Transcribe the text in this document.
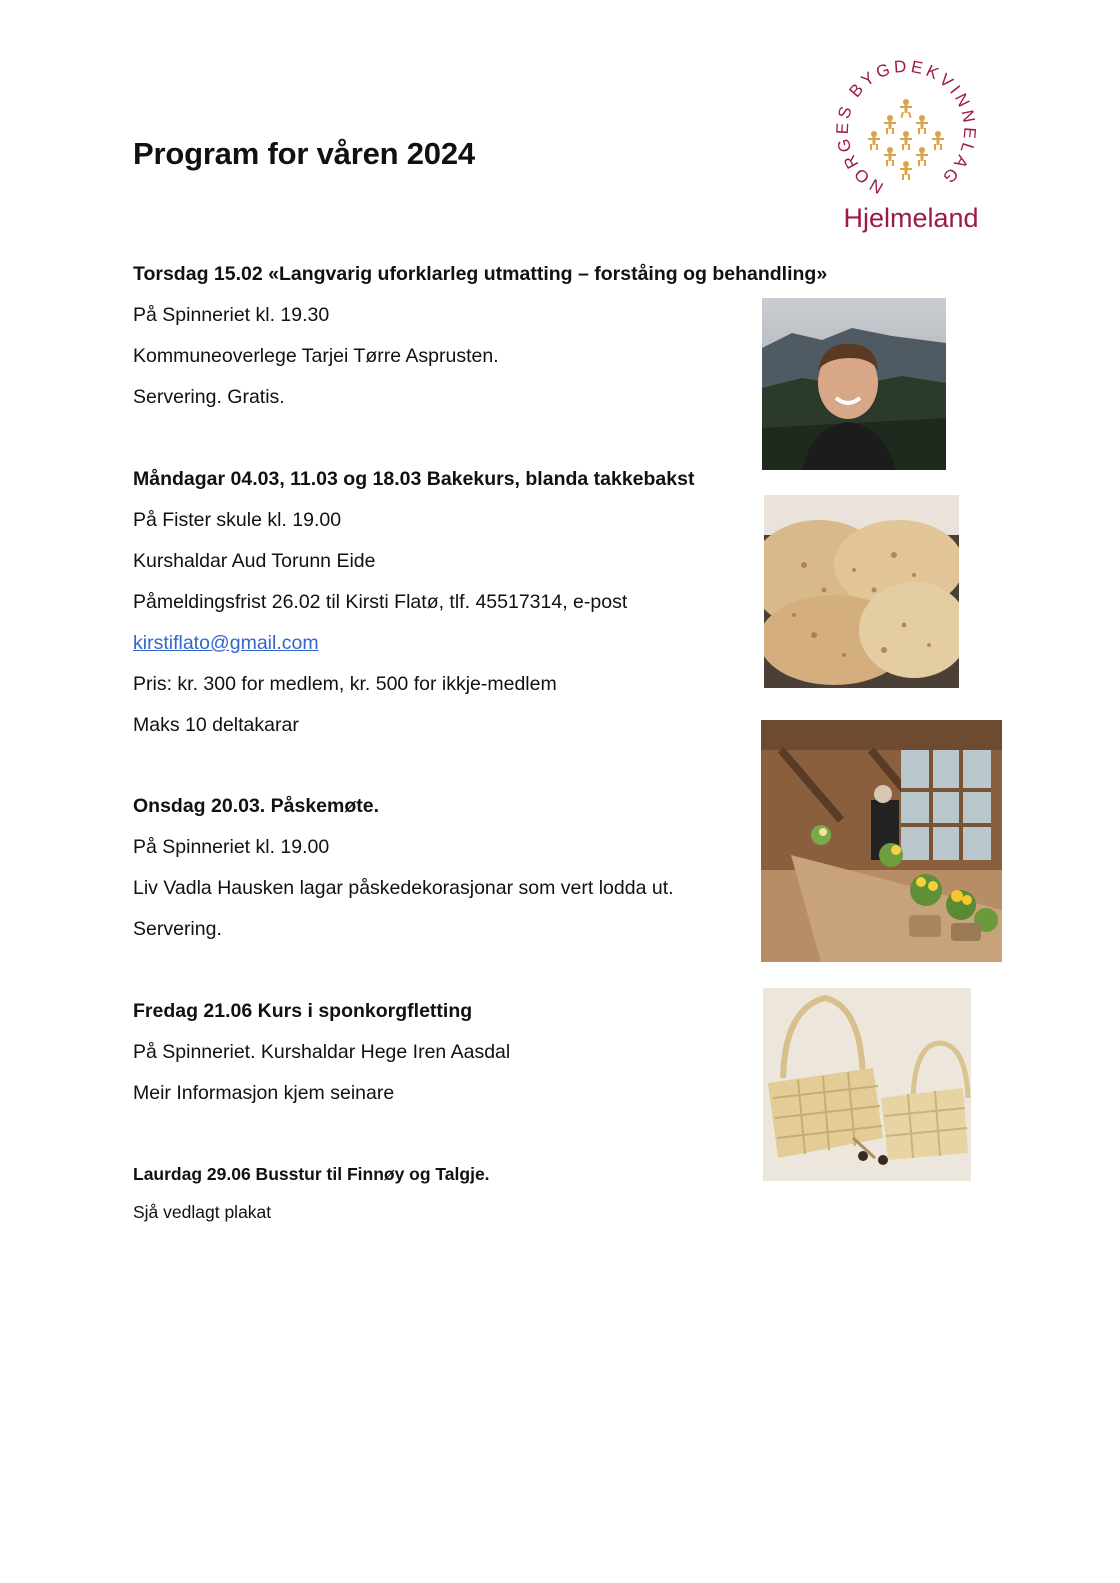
Program for våren 2024
NORGES BYGDEKVINNELAG
Hjelmeland
Torsdag 15.02 «Langvarig uforklarleg utmatting – forståing og behandling»
På Spinneriet kl. 19.30
Kommuneoverlege Tarjei Tørre Asprusten.
Servering. Gratis.
Måndagar 04.03, 11.03 og 18.03 Bakekurs, blanda takkebakst
På Fister skule kl. 19.00
Kurshaldar Aud Torunn Eide
Påmeldingsfrist 26.02 til Kirsti Flatø, tlf. 45517314, e-post
kirstiflato@gmail.com
Pris: kr. 300 for medlem, kr. 500 for ikkje-medlem
Maks 10 deltakarar
Onsdag 20.03. Påskemøte.
På Spinneriet kl. 19.00
Liv Vadla Hausken lagar påskedekorasjonar som vert lodda ut.
Servering.
Fredag 21.06 Kurs i sponkorgfletting
På Spinneriet. Kurshaldar Hege Iren Aasdal
Meir Informasjon kjem seinare
Laurdag 29.06 Busstur til Finnøy og Talgje.
Sjå vedlagt plakat
